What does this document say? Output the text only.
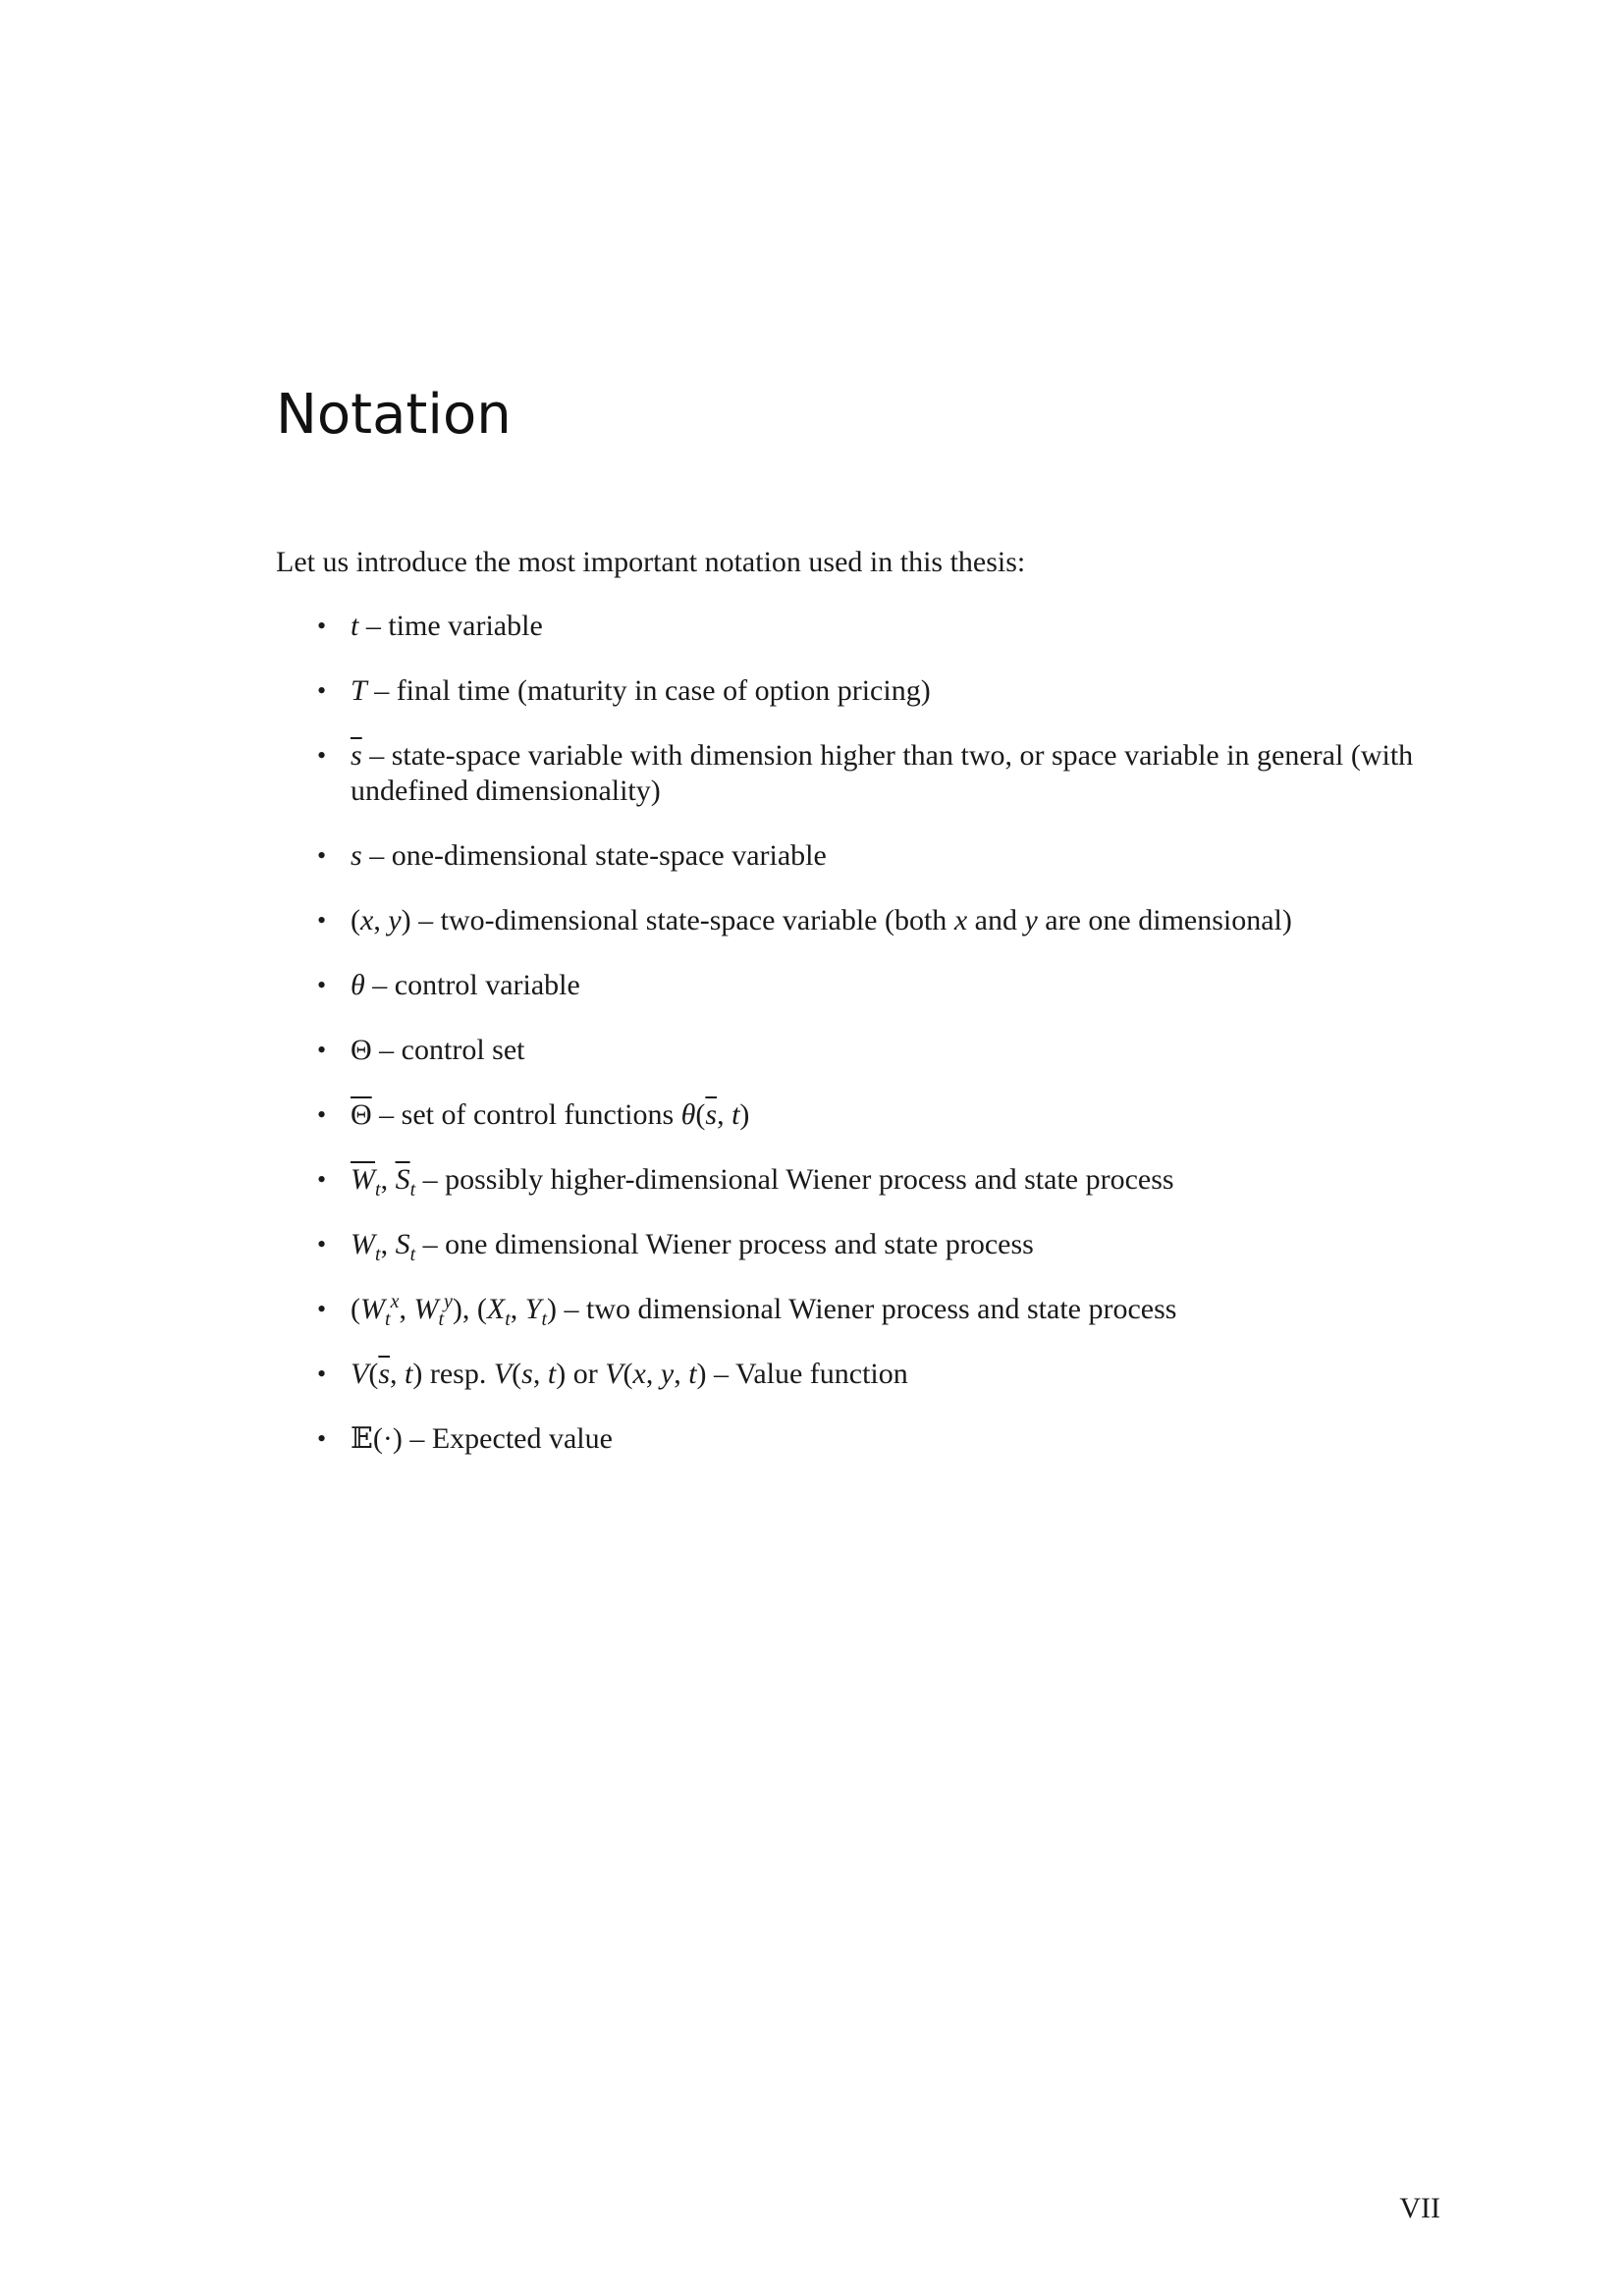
Notation

Let us introduce the most important notation used in this thesis:

• t – time variable
• T – final time (maturity in case of option pricing)
• $\overline{s}$ – state-space variable with dimension higher than two, or space variable in general (with undefined dimensionality)
• s – one-dimensional state-space variable
• (x, y) – two-dimensional state-space variable (both x and y are one dimensional)
• θ – control variable
• Θ – control set
• $\overline{\Theta}$ – set of control functions $\theta(\overline{s}$, t)
• $\overline{W}_t$, $\overline{S}_t$ – possibly higher-dimensional Wiener process and state process
• $W_t$, $S_t$ – one dimensional Wiener process and state process
• ($W_t^x$, $W_t^y$), ($X_t$, $Y_t$) – two dimensional Wiener process and state process
• $V(\overline{s}$, t) resp. V(s, t) or V(x, y, t) – Value function
• 𝔼(·) – Expected value

VII
